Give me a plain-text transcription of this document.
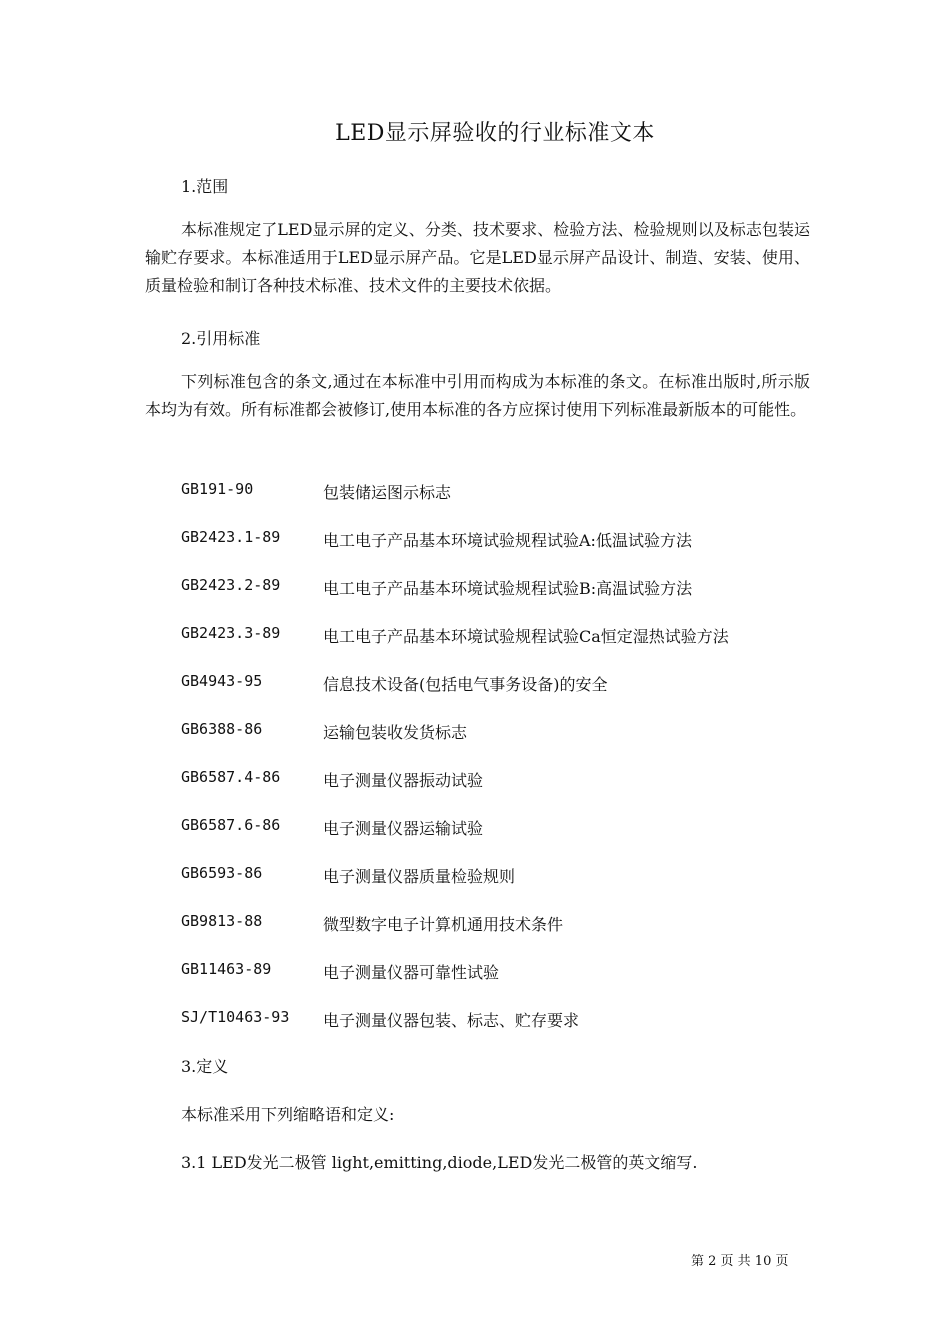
LED显示屏验收的行业标准文本
1.范围
本标准规定了LED显示屏的定义、分类、技术要求、检验方法、检验规则以及标志包装运输贮存要求。本标准适用于LED显示屏产品。它是LED显示屏产品设计、制造、安装、使用、质量检验和制订各种技术标准、技术文件的主要技术依据。
2.引用标准
下列标准包含的条文,通过在本标准中引用而构成为本标准的条文。在标准出版时,所示版本均为有效。所有标准都会被修订,使用本标准的各方应探讨使用下列标准最新版本的可能性。
GB191-90	包装储运图示标志
GB2423.1-89	电工电子产品基本环境试验规程试验A:低温试验方法
GB2423.2-89	电工电子产品基本环境试验规程试验B:高温试验方法
GB2423.3-89	电工电子产品基本环境试验规程试验Ca恒定湿热试验方法
GB4943-95	信息技术设备(包括电气事务设备)的安全
GB6388-86	运输包装收发货标志
GB6587.4-86	电子测量仪器振动试验
GB6587.6-86	电子测量仪器运输试验
GB6593-86	电子测量仪器质量检验规则
GB9813-88	微型数字电子计算机通用技术条件
GB11463-89	电子测量仪器可靠性试验
SJ/T10463-93	电子测量仪器包装、标志、贮存要求
3.定义
本标准采用下列缩略语和定义:
3.1 LED发光二极管 light,emitting,diode,LED发光二极管的英文缩写.
第 2 页 共 10 页
